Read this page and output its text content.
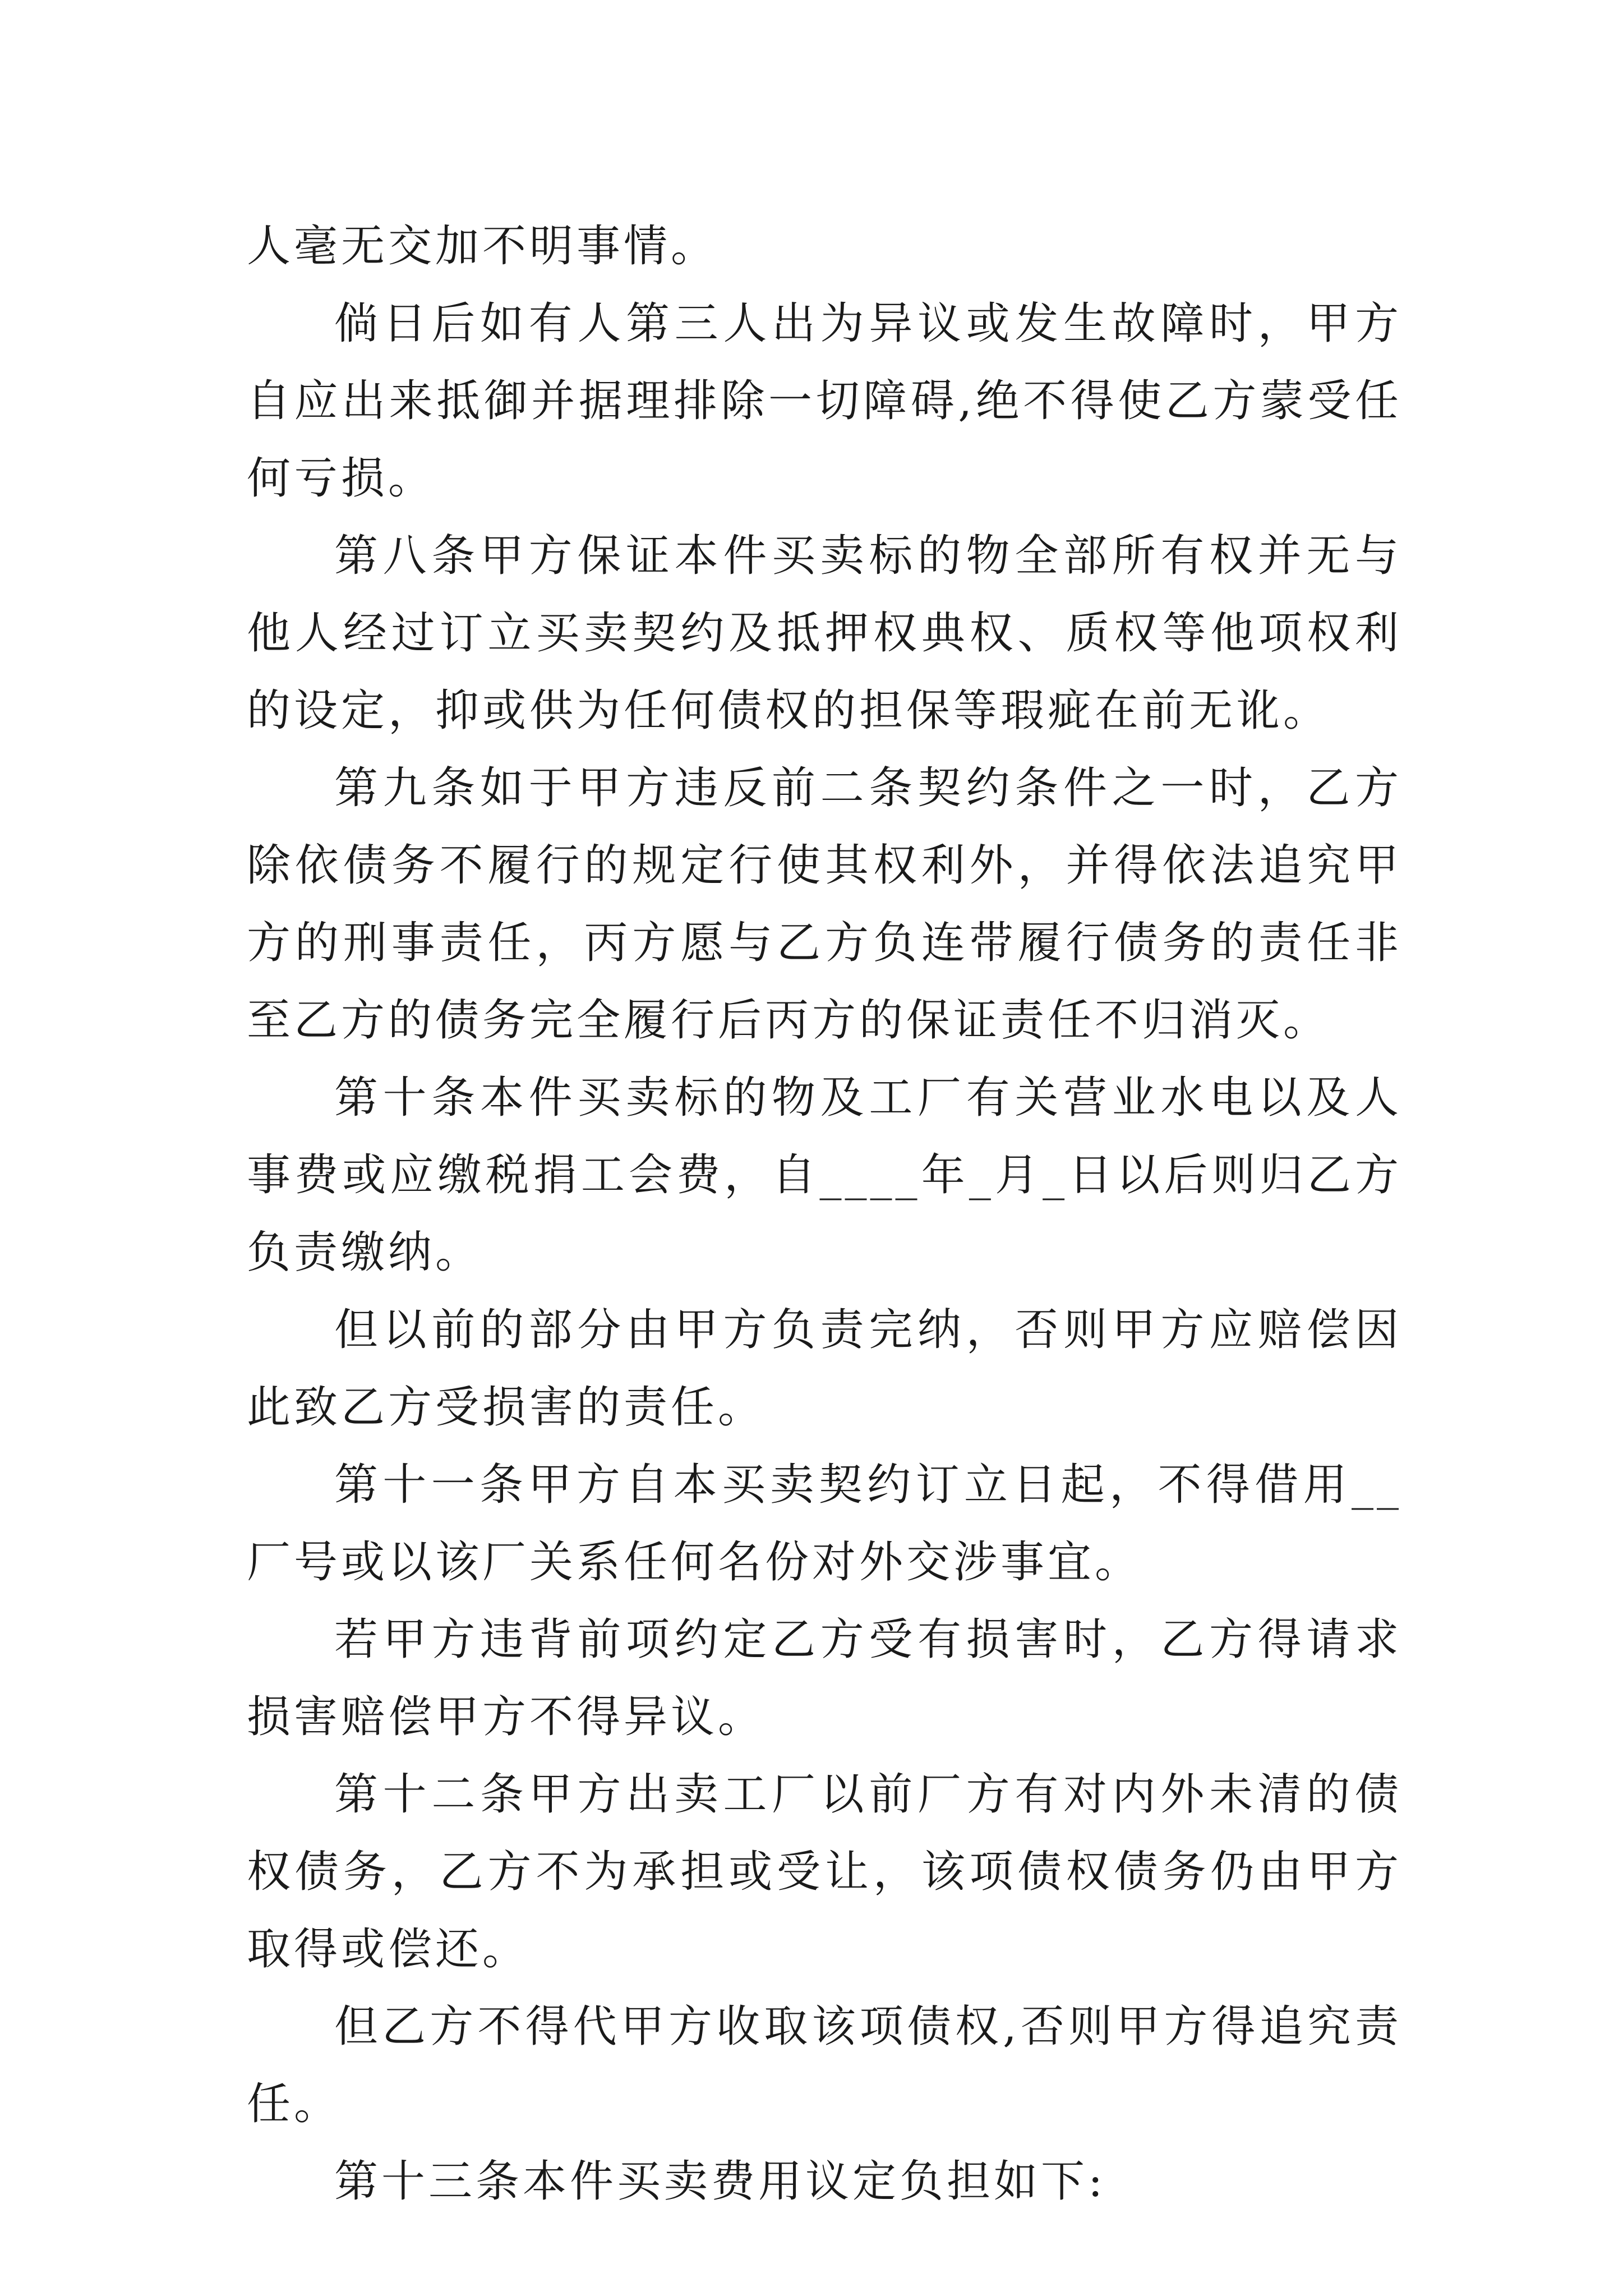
人毫无交加不明事情。

倘日后如有人第三人出为异议或发生故障时，甲方自应出来抵御并据理排除一切障碍,绝不得使乙方蒙受任何亏损。

第八条甲方保证本件买卖标的物全部所有权并无与他人经过订立买卖契约及抵押权典权、质权等他项权利的设定，抑或供为任何债权的担保等瑕疵在前无讹。

第九条如于甲方违反前二条契约条件之一时，乙方除依债务不履行的规定行使其权利外，并得依法追究甲方的刑事责任，丙方愿与乙方负连带履行债务的责任非至乙方的债务完全履行后丙方的保证责任不归消灭。

第十条本件买卖标的物及工厂有关营业水电以及人事费或应缴税捐工会费，自____年_月_日以后则归乙方负责缴纳。

但以前的部分由甲方负责完纳，否则甲方应赔偿因此致乙方受损害的责任。

第十一条甲方自本买卖契约订立日起，不得借用__厂号或以该厂关系任何名份对外交涉事宜。

若甲方违背前项约定乙方受有损害时，乙方得请求损害赔偿甲方不得异议。

第十二条甲方出卖工厂以前厂方有对内外未清的债权债务，乙方不为承担或受让，该项债权债务仍由甲方取得或偿还。

但乙方不得代甲方收取该项债权,否则甲方得追究责任。

第十三条本件买卖费用议定负担如下:
